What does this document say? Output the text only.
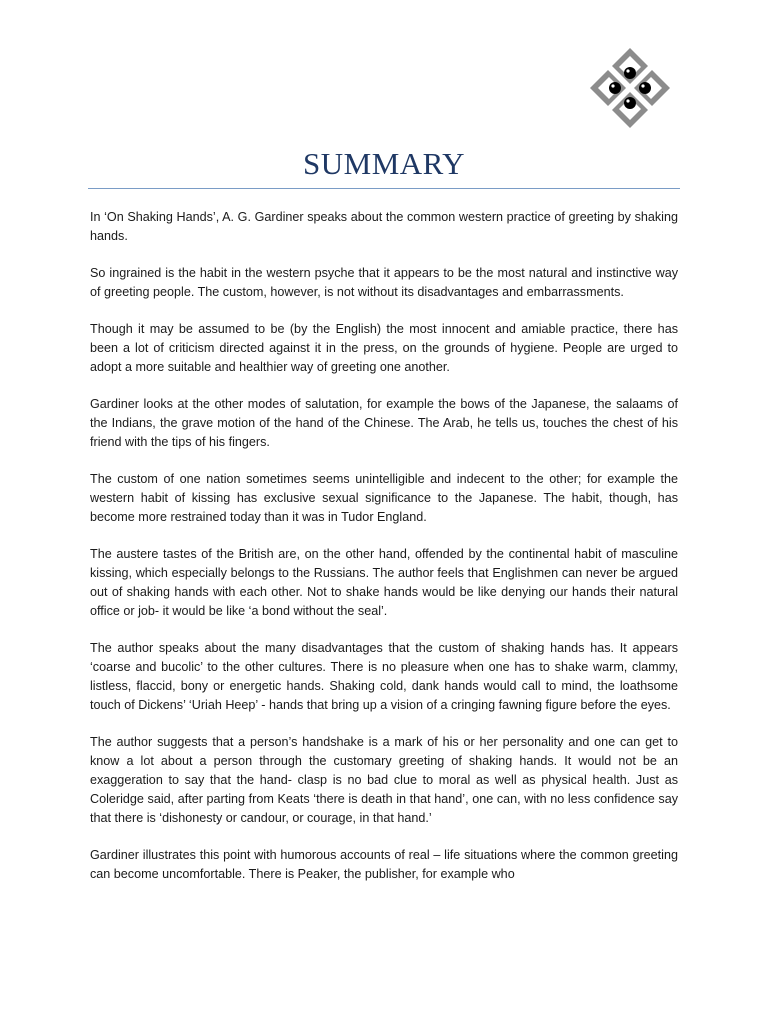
SUMMARY

In ‘On Shaking Hands’, A. G. Gardiner speaks about the common western practice of greeting by shaking hands.

So ingrained is the habit in the western psyche that it appears to be the most natural and instinctive way of greeting people. The custom, however, is not without its disadvantages and embarrassments.

Though it may be assumed to be (by the English) the most innocent and amiable practice, there has been a lot of criticism directed against it in the press, on the grounds of hygiene. People are urged to adopt a more suitable and healthier way of greeting one another.

Gardiner looks at the other modes of salutation, for example the bows of the Japanese, the salaams of the Indians, the grave motion of the hand of the Chinese. The Arab, he tells us, touches the chest of his friend with the tips of his fingers.

The custom of one nation sometimes seems unintelligible and indecent to the other; for example the western habit of kissing has exclusive sexual significance to the Japanese. The habit, though, has become more restrained today than it was in Tudor England.

The austere tastes of the British are, on the other hand, offended by the continental habit of masculine kissing, which especially belongs to the Russians. The author feels that Englishmen can never be argued out of shaking hands with each other. Not to shake hands would be like denying our hands their natural office or job- it would be like ‘a bond without the seal’.

The author speaks about the many disadvantages that the custom of shaking hands has. It appears ‘coarse and bucolic’ to the other cultures. There is no pleasure when one has to shake warm, clammy, listless, flaccid, bony or energetic hands. Shaking cold, dank hands would call to mind, the loathsome touch of Dickens’ ‘Uriah Heep’ - hands that bring up a vision of a cringing fawning figure before the eyes.

The author suggests that a person’s handshake is a mark of his or her personality and one can get to know a lot about a person through the customary greeting of shaking hands. It would not be an exaggeration to say that the hand- clasp is no bad clue to moral as well as physical health. Just as Coleridge said, after parting from Keats ‘there is death in that hand’, one can, with no less confidence say that there is ‘dishonesty or candour, or courage, in that hand.’

Gardiner illustrates this point with humorous accounts of real – life situations where the common greeting can become uncomfortable. There is Peaker, the publisher, for example who
